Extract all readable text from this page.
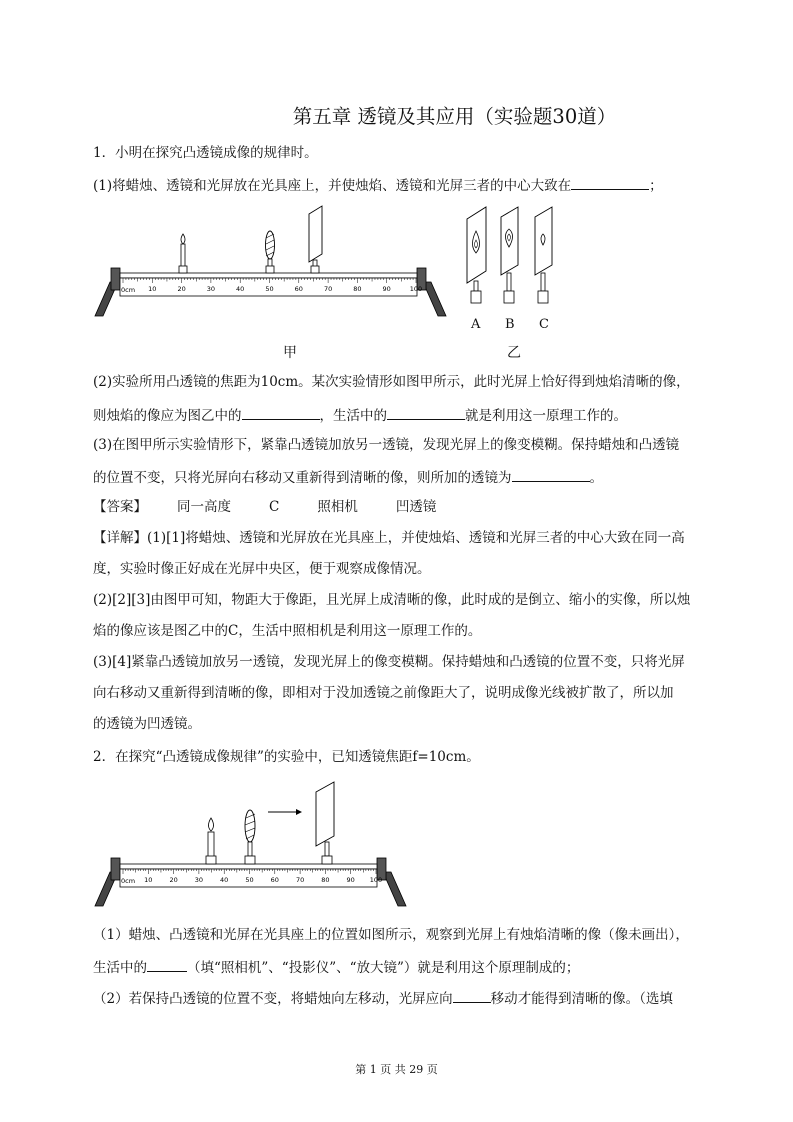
第五章 透镜及其应用（实验题30道）
1．小明在探究凸透镜成像的规律时。
(1)将蜡烛、透镜和光屏放在光具座上，并使烛焰、透镜和光屏三者的中心大致在	；
0cm 10	20	30	40	50	60	70	80	90	100
A B C
甲	乙
(2)实验所用凸透镜的焦距为10cm。某次实验情形如图甲所示，此时光屏上恰好得到烛焰清晰的像，
则烛焰的像应为图乙中的	，生活中的	就是利用这一原理工作的。
(3)在图甲所示实验情形下，紧靠凸透镜加放另一透镜，发现光屏上的像变模糊。保持蜡烛和凸透镜
的位置不变，只将光屏向右移动又重新得到清晰的像，则所加的透镜为	。
【答案】 同一高度	C	照相机	凹透镜
【详解】(1)[1]将蜡烛、透镜和光屏放在光具座上，并使烛焰、透镜和光屏三者的中心大致在同一高
度，实验时像正好成在光屏中央区，便于观察成像情况。
(2)[2][3]由图甲可知，物距大于像距，且光屏上成清晰的像，此时成的是倒立、缩小的实像，所以烛
焰的像应该是图乙中的C，生活中照相机是利用这一原理工作的。
(3)[4]紧靠凸透镜加放另一透镜，发现光屏上的像变模糊。保持蜡烛和凸透镜的位置不变，只将光屏
向右移动又重新得到清晰的像，即相对于没加透镜之前像距大了，说明成像光线被扩散了，所以加
的透镜为凹透镜。
2．在探究“凸透镜成像规律”的实验中，已知透镜焦距f=10cm。
0cm 10	20	30	40	50	60	70	80	90 100
（1）蜡烛、凸透镜和光屏在光具座上的位置如图所示，观察到光屏上有烛焰清晰的像（像未画出），
生活中的	（填“照相机”、“投影仪”、“放大镜”）就是利用这个原理制成的；
（2）若保持凸透镜的位置不变，将蜡烛向左移动，光屏应向	移动才能得到清晰的像。（选填
第 1 页 共 29 页
